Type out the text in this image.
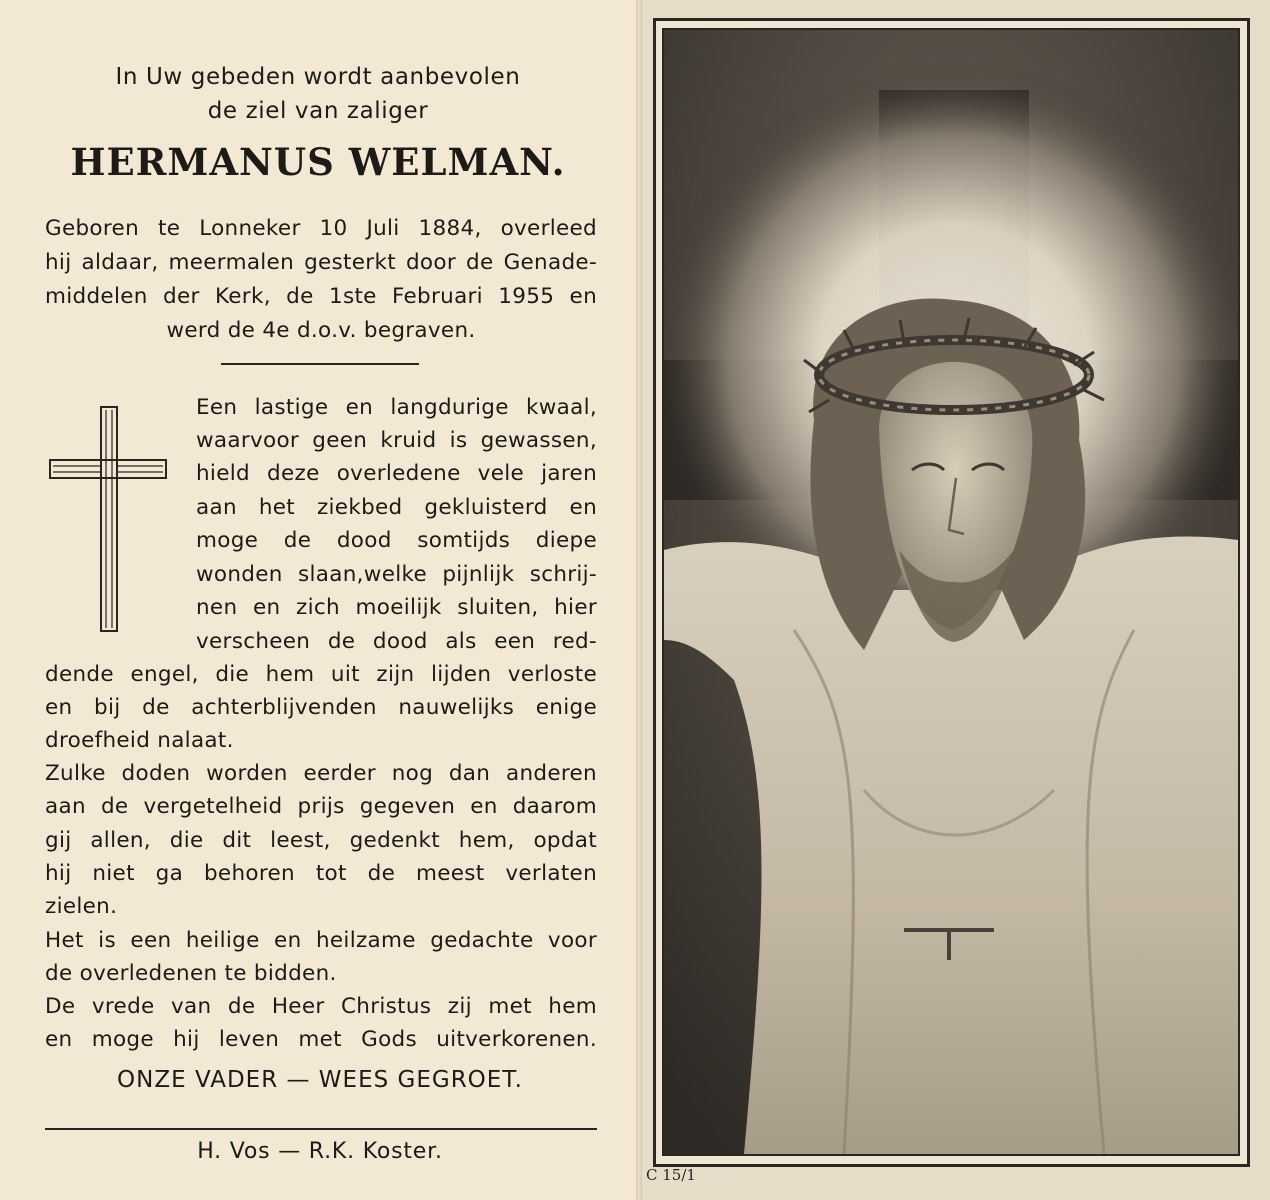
In Uw gebeden wordt aanbevolen
de ziel van zaliger
HERMANUS WELMAN.
Geboren te Lonneker 10 Juli 1884, overleed
hij aldaar, meermalen gesterkt door de Genade-
middelen der Kerk, de 1ste Februari 1955 en
werd de 4e d.o.v. begraven.
Een lastige en langdurige kwaal,
waarvoor geen kruid is gewassen,
hield deze overledene vele jaren
aan het ziekbed gekluisterd en
moge de dood somtijds diepe
wonden slaan,welke pijnlijk schrij-
nen en zich moeilijk sluiten, hier
verscheen de dood als een red-
dende engel, die hem uit zijn lijden verloste
en bij de achterblijvenden nauwelijks enige
droefheid nalaat.
Zulke doden worden eerder nog dan anderen
aan de vergetelheid prijs gegeven en daarom
gij allen, die dit leest, gedenkt hem, opdat
hij niet ga behoren tot de meest verlaten
zielen.
Het is een heilige en heilzame gedachte voor
de overledenen te bidden.
De vrede van de Heer Christus zij met hem
en moge hij leven met Gods uitverkorenen.
ONZE VADER — WEES GEGROET.
H. Vos — R.K. Koster.
C 15/1
